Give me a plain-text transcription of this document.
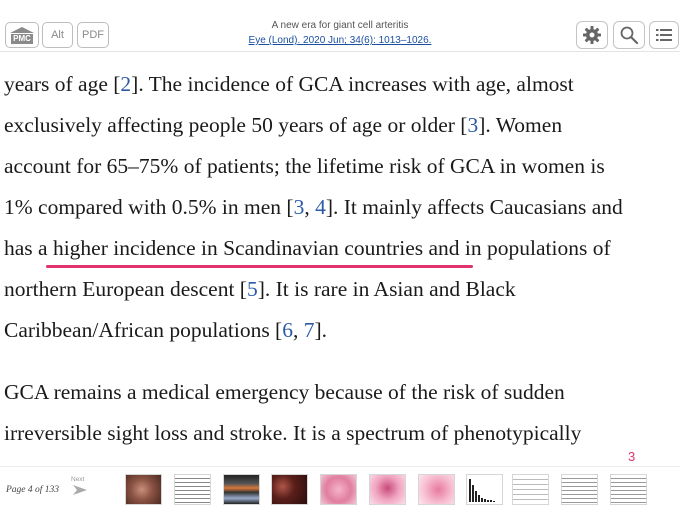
PMC	Alt	PDF
A new era for giant cell arteritis
Eye (Lond). 2020 Jun; 34(6): 1013–1026.
years of age [2]. The incidence of GCA increases with age, almost
exclusively affecting people 50 years of age or older [3]. Women
account for 65–75% of patients; the lifetime risk of GCA in women is
1% compared with 0.5% in men [3, 4]. It mainly affects Caucasians and
has a higher incidence in Scandinavian countries and in populations of
northern European descent [5]. It is rare in Asian and Black
Caribbean/African populations [6, 7].
GCA remains a medical emergency because of the risk of sudden
irreversible sight loss and stroke. It is a spectrum of phenotypically
3
Page 4 of 133
Next
